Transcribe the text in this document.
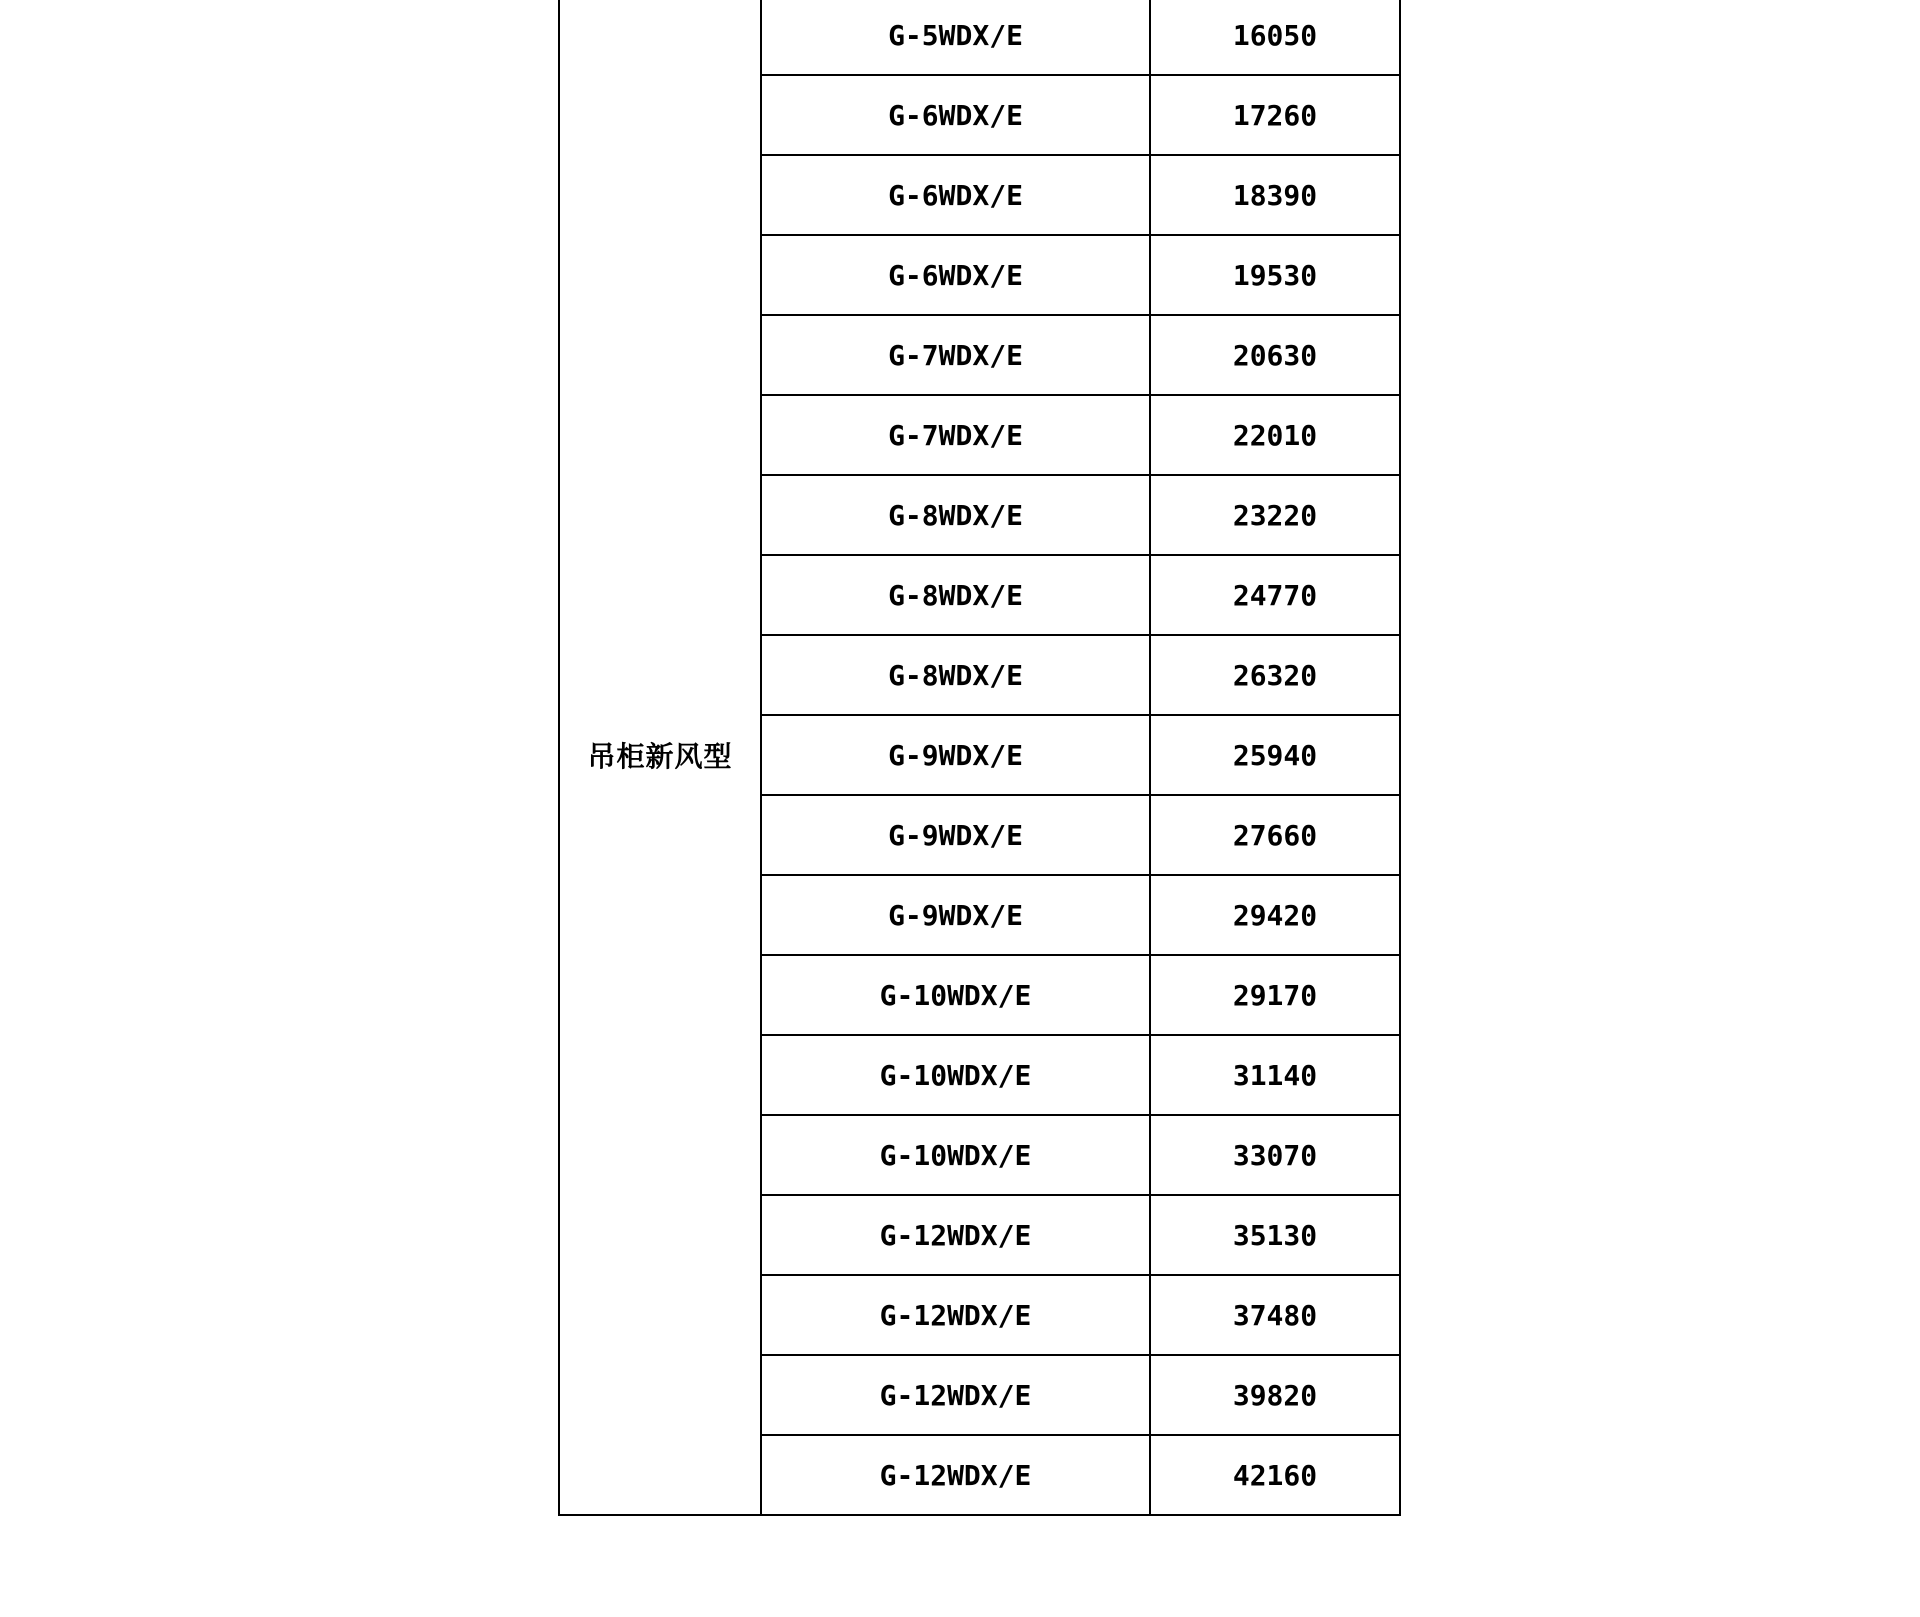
吊柜新风型	G-5WDX/E	16050
	G-6WDX/E	17260
	G-6WDX/E	18390
	G-6WDX/E	19530
	G-7WDX/E	20630
	G-7WDX/E	22010
	G-8WDX/E	23220
	G-8WDX/E	24770
	G-8WDX/E	26320
	G-9WDX/E	25940
	G-9WDX/E	27660
	G-9WDX/E	29420
	G-10WDX/E	29170
	G-10WDX/E	31140
	G-10WDX/E	33070
	G-12WDX/E	35130
	G-12WDX/E	37480
	G-12WDX/E	39820
	G-12WDX/E	42160
